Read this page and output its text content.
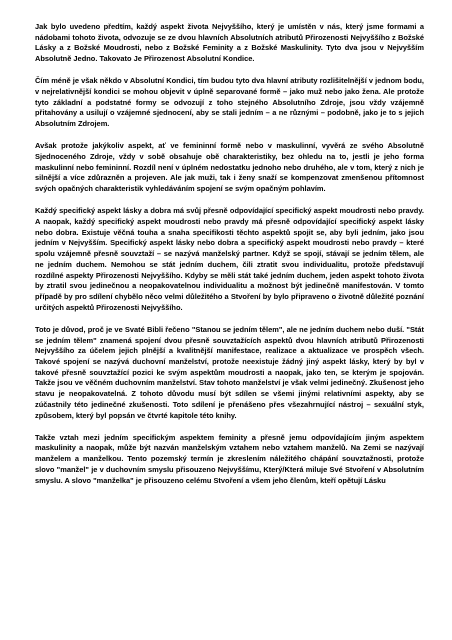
Jak bylo uvedeno předtím, každý aspekt života Nejvyššího, který je umístěn v nás, který jsme formami a nádobami tohoto života, odvozuje se ze dvou hlavních Absolutních atributů Přirozenosti Nejvyššího z Božské Lásky a z Božské Moudrosti, nebo z Božské Feminity a z Božské Maskulinity. Tyto dva jsou v Nejvyšším Absolutně Jedno. Takovato Je Přirozenost Absolutní Kondice.

Čím méně je však někdo v Absolutní Kondici, tím budou tyto dva hlavní atributy rozlišitelnější v jednom bodu, v nejrelativnější kondici se mohou objevit v úplně separované formě – jako muž nebo jako žena. Ale protože tyto základní a podstatné formy se odvozují z toho stejného Absolutního Zdroje, jsou vždy vzájemně přitahovány a usilují o vzájemné sjednocení, aby se stali jedním – a ne různými – podobně, jako je to s jejich Absolutním Zdrojem.

Avšak protože jakýkoliv aspekt, ať ve femininní formě nebo v maskulinní, vyvěrá ze svého Absolutně Sjednoceného Zdroje, vždy v sobě obsahuje obě charakteristiky, bez ohledu na to, jestli je jeho forma maskulinní nebo femininní. Rozdíl není v úplném nedostatku jednoho nebo druhého, ale v tom, který z nich je silnější a více zdůrazněn a projeven. Ale jak muži, tak i ženy snaží se kompenzovat zmenšenou přítomnost svých opačných charakteristik vyhledáváním spojení se svým opačným pohlavím.

Každý specifický aspekt lásky a dobra má svůj přesně odpovídající specifický aspekt moudrosti nebo pravdy. A naopak, každý specifický aspekt moudrosti nebo pravdy má přesně odpovídající specifický aspekt lásky nebo dobra. Existuje věčná touha a snaha specifikosti těchto aspektů spojit se, aby byli jedním, jako jsou jedním v Nejvyšším. Specifický aspekt lásky nebo dobra a specifický aspekt moudrosti nebo pravdy – které spolu vzájemně přesně souvztaží – se nazývá manželský partner. Když se spojí, stávají se jedním tělem, ale ne jedním duchem. Nemohou se stát jedním duchem, čili ztratit svou individualitu, protože představují rozdílné aspekty Přirozenosti Nejvyššího. Kdyby se měli stát také jedním duchem, jeden aspekt tohoto života by ztratil svou jedinečnou a neopakovatelnou individualitu a možnost být jedinečně manifestován. V tomto případě by pro sdílení chybělo něco velmi důležitého a Stvoření by bylo připraveno o životně důležité poznání určitých aspektů Přirozenosti Nejvyššího.

Toto je důvod, proč je ve Svaté Bibli řečeno "Stanou se jedním tělem", ale ne jedním duchem nebo duší. "Stát se jedním tělem" znamená spojení dvou přesně souvztažících aspektů dvou hlavních atributů Přirozenosti Nejvyššího za účelem jejich plnější a kvalitnější manifestace, realizace a aktualizace ve prospěch všech. Takové spojení se nazývá duchovní manželství, protože neexistuje žádný jiný aspekt lásky, který by byl v takové přesně souvztažící pozici ke svým aspektům moudrosti a naopak, jako ten, se kterým je spojován. Takže jsou ve věčném duchovním manželství. Stav tohoto manželství je však velmi jedinečný. Zkušenost jeho stavu je neopakovatelná. Z tohoto důvodu musí být sdílen se všemi jinými relativními aspekty, aby se zúčastnily této jedinečné zkušenosti. Toto sdílení je přenášeno přes všezahrnující nástroj – sexuální styk, způsobem, který byl popsán ve čtvrté kapitole této knihy.

Takže vztah mezi jedním specifickým aspektem feminity a přesně jemu odpovídajícím jiným aspektem maskulinity a naopak, může být nazván manželským vztahem nebo vztahem manželů. Na Zemi se nazývají manželem a manželkou. Tento pozemský termín je zkreslením náležitého chápání souvztažnosti, protože slovo "manžel" je v duchovním smyslu přisouzeno Nejvyššímu, Který/Která miluje Své Stvoření v Absolutním smyslu. A slovo "manželka" je přisouzeno celému Stvoření a všem jeho členům, kteří opětují Lásku
